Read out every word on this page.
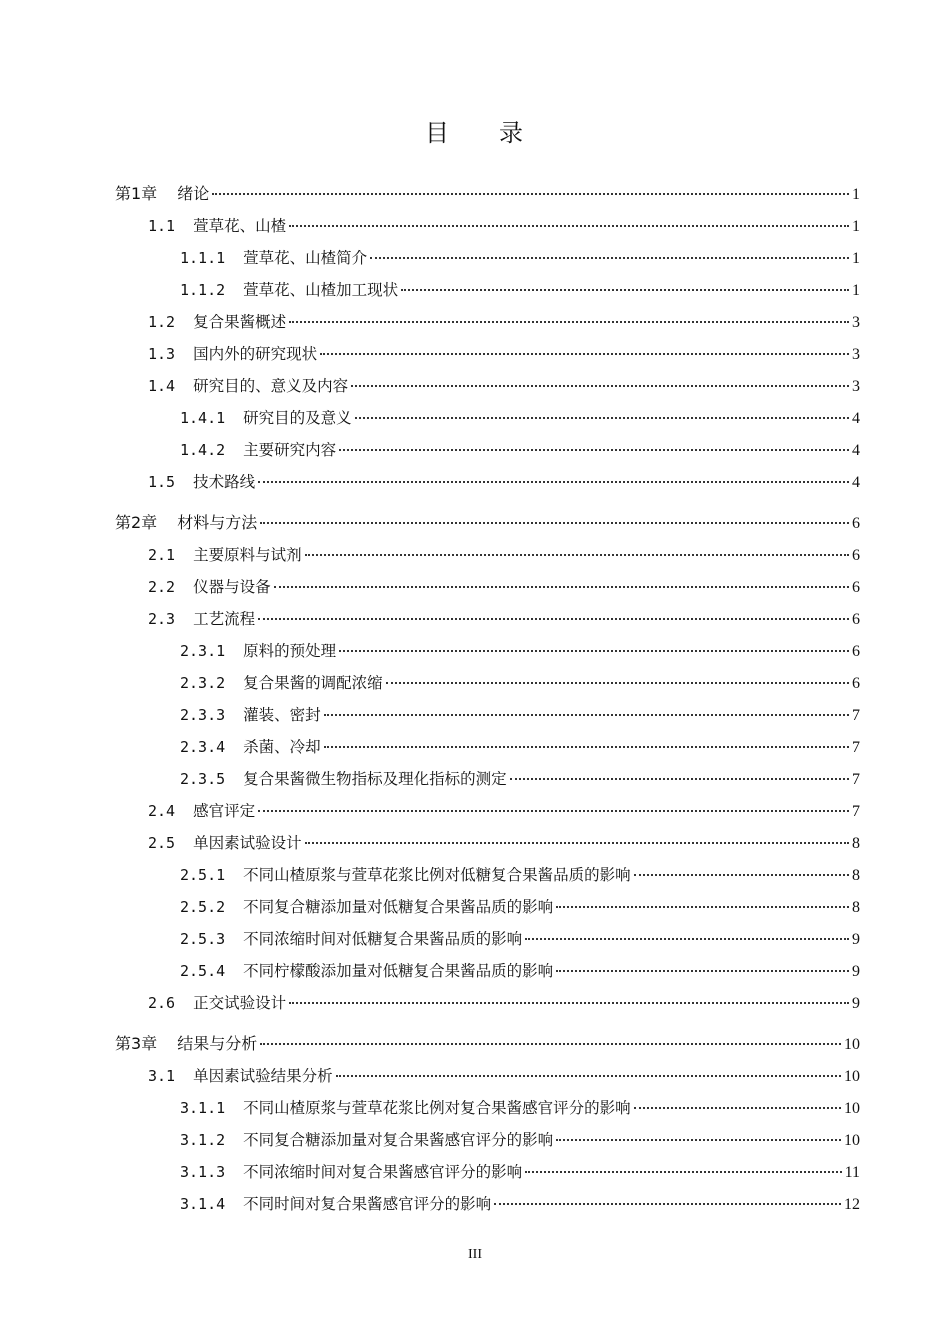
目 录
第1章 绪论	1
1.1 萱草花、山楂	1
1.1.1 萱草花、山楂简介	1
1.1.2 萱草花、山楂加工现状	1
1.2 复合果酱概述	3
1.3 国内外的研究现状	3
1.4 研究目的、意义及内容	3
1.4.1 研究目的及意义	4
1.4.2 主要研究内容	4
1.5 技术路线	4
第2章 材料与方法	6
2.1 主要原料与试剂	6
2.2 仪器与设备	6
2.3 工艺流程	6
2.3.1 原料的预处理	6
2.3.2 复合果酱的调配浓缩	6
2.3.3 灌装、密封	7
2.3.4 杀菌、冷却	7
2.3.5 复合果酱微生物指标及理化指标的测定	7
2.4 感官评定	7
2.5 单因素试验设计	8
2.5.1 不同山楂原浆与萱草花浆比例对低糖复合果酱品质的影响	8
2.5.2 不同复合糖添加量对低糖复合果酱品质的影响	8
2.5.3 不同浓缩时间对低糖复合果酱品质的影响	9
2.5.4 不同柠檬酸添加量对低糖复合果酱品质的影响	9
2.6 正交试验设计	9
第3章 结果与分析	10
3.1 单因素试验结果分析	10
3.1.1 不同山楂原浆与萱草花浆比例对复合果酱感官评分的影响	10
3.1.2 不同复合糖添加量对复合果酱感官评分的影响	10
3.1.3 不同浓缩时间对复合果酱感官评分的影响	11
3.1.4 不同时间对复合果酱感官评分的影响	12
III
